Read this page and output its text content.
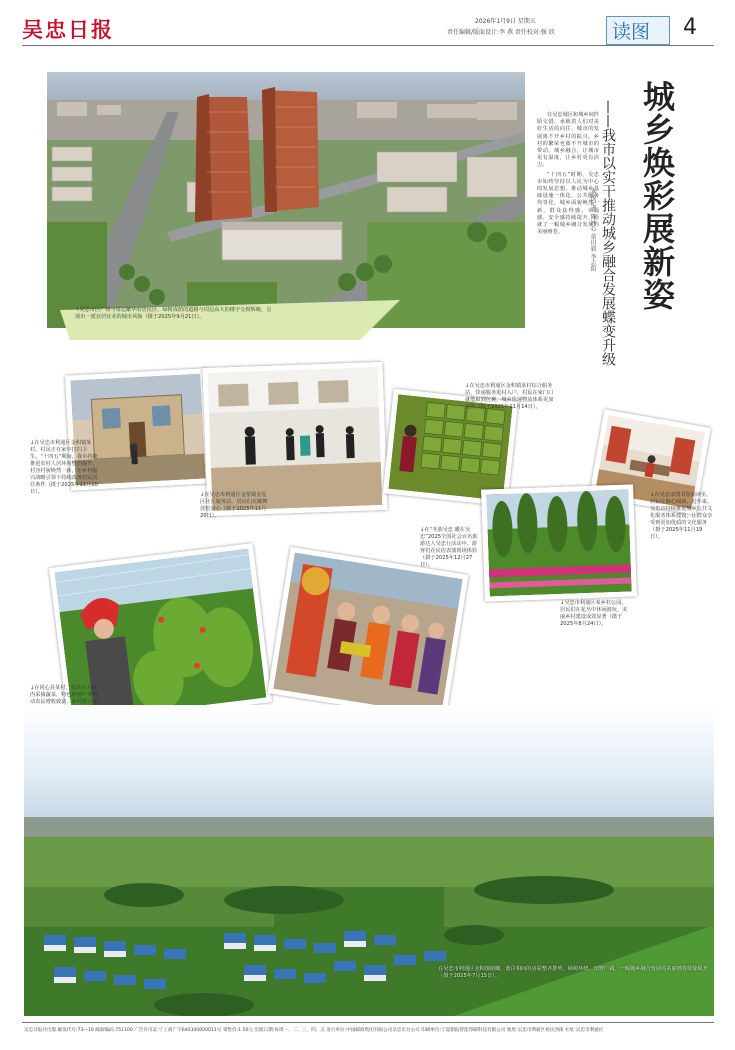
吴忠日报	2026年1月9日 星期五
责任编辑/版面设计:李 燕 责任校对:强 欣	读图 4
城乡焕彩展新姿
——我市以实干推动城乡融合发展蝶变升级
本报记者 陈沐心 董田毅 李志阳

在吴忠城区和城乡间阡陌交错，承载着人们对美好生活的向往。城市的发展离不开乡村的振兴，乡村的繁荣也离不开城市的带动。城乡融合，让城市更有温度，让乡村更有活力。

“十四五”时期，吴忠市始终坚持以人民为中心的发展思想，推动城乡基础设施一体化、公共服务均等化，城乡面貌焕然一新，群众获得感、幸福感、安全感持续提升，绘就了一幅城乡融合发展的美丽画卷。

↑吴忠市区广场与周边繁华的居民区、绿树成荫的道路与周边高大的楼宇交相辉映，呈现出一派宜居宜业的城市风貌（摄于2025年9月21日）。
↓在吴忠市利通区金积镇某村，村民正在家中打扫卫生。“十四五”期间，我市持续推进农村人居环境整治提升，村容村貌焕然一新，在乡村振兴战略引领下持续改善村民居住条件（摄于2025年11月10日）。	↓在吴忠市利通区金星镇金星区社区服务站，居民们在跳舞放松身心（摄于2025年11月20日）。
↓在吴忠市利通区金积镇某村综合服务站，快递服务进村入户，村民在家门口就能取到包裹，城乡快递物流体系更加完善（摄于2025年11月14日）。
↓在吴忠市图书馆阅读室，居民在静心阅读。近年来，吴忠市持续推进城乡公共文化服务体系建设，让群众享受到更加优质的文化服务（摄于2025年11月19日）。
↓在同心县某村，农民在大棚内采摘蔬菜，特色种植产业带动农民增收致富，乡村振兴成
↓在“冬游吴忠 暖在吴忠”2025全国社会百名旅游达人吴忠行活动中，游客们在民俗表演现场体验（摄于2025年12月27日）。
↓吴忠市利通区某乡村公园，居民们在花丛中休闲游玩，美丽乡村建设成效显著（摄于2025年8月24日）。
在吴忠市利通区金积镇俯瞰，蓝白相间的房屋整齐排列，绿树环绕，田野广阔，一幅城乡融合发展的美丽画卷徐徐展开（摄于2025年7月15日）。
吴忠日报社出版 邮发代号:73—10 邮政编码:751100 广告许可证:宁工商广字640300000011号 零售价:1.50元 出版日期:每周一、二、三、四、五 发行单位:中国邮政集团有限公司吴忠市分公司 印刷单位:宁夏银报智能印刷科技有限公司 地址:吴忠市利通区裕民西街 社址:吴忠市利通区
